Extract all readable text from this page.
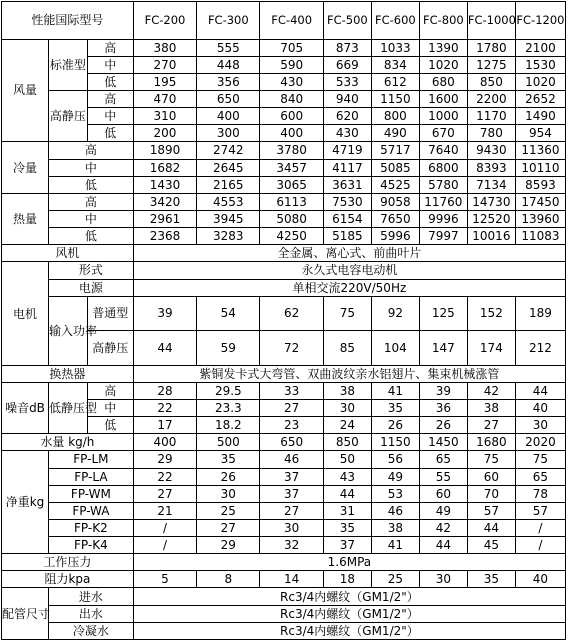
性能国际型号			FC-200	FC-300	FC-400	FC-500	FC-600	FC-800	FC-1000	FC-1200
风量	标准型	高	380	555	705	873	1033	1390	1780	2100
		中	270	448	590	669	834	1020	1275	1530
		低	195	356	430	533	612	680	850	1020
	高静压	高	470	650	840	940	1150	1600	2200	2652
		中	310	400	600	620	800	1000	1170	1490
		低	200	300	400	430	490	670	780	954
冷量	高		1890	2742	3780	4719	5717	7640	9430	11360
	中		1682	2645	3457	4117	5085	6800	8393	10110
	低		1430	2165	3065	3631	4525	5780	7134	8593
热量	高		3420	4553	6113	7530	9058	11760	14730	17450
	中		2961	3945	5080	6154	7650	9996	12520	13960
	低		2368	3283	4250	5185	5996	7997	10016	11083
风机			全金属、离心式、前曲叶片							
电机	形式		永久式电容电动机							
	电源		单相交流220V/50Hz							
	输入功率	普通型	39	54	62	75	92	125	152	189
		高静压	44	59	72	85	104	147	174	212
换热器			紫铜发卡式大弯管、双曲波纹亲水铝翅片、集束机械涨管							
噪音dB	低静压型	高	28	29.5	33	38	41	39	42	44
		中	22	23.3	27	30	35	36	38	40
		低	17	18.2	23	24	26	26	27	30
水量 kg/h			400	500	650	850	1150	1450	1680	2020
净重kg	FP-LM		29	35	46	50	56	65	75	75
	FP-LA		22	26	37	43	49	55	60	65
	FP-WM		27	30	37	44	53	60	70	78
	FP-WA		21	25	27	31	46	49	57	57
	FP-K2		/	27	30	35	38	42	44	/
	FP-K4		/	29	32	37	41	44	45	/
工作压力			1.6MPa							
阻力kpa			5	8	14	18	25	30	35	40
配管尺寸	进水		Rc3/4内螺纹（GM1/2"）							
	出水		Rc3/4内螺纹（GM1/2"）							
	冷凝水		Rc3/4内螺纹（GM1/2"）							
